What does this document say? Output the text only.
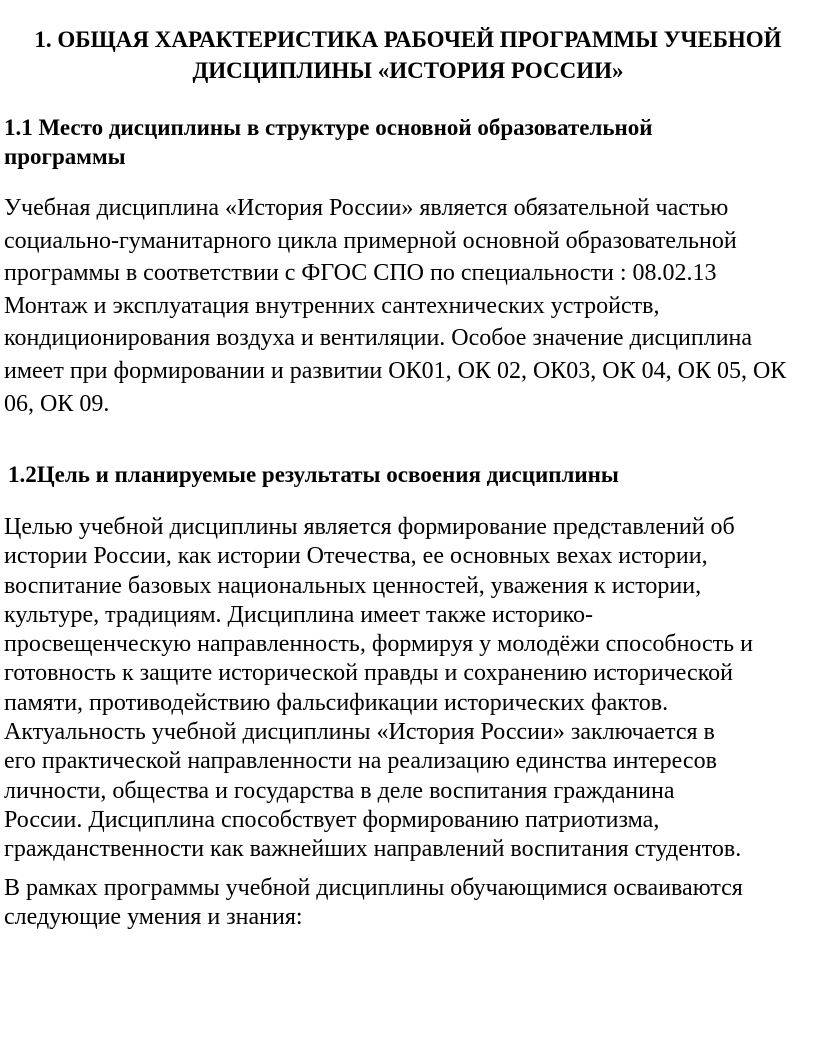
1. ОБЩАЯ ХАРАКТЕРИСТИКА РАБОЧЕЙ ПРОГРАММЫ УЧЕБНОЙ
ДИСЦИПЛИНЫ «ИСТОРИЯ РОССИИ»
1.1 Место дисциплины в структуре основной образовательной
программы

Учебная дисциплина «История России» является обязательной частью
социально-гуманитарного цикла примерной основной образовательной
программы в соответствии с ФГОС СПО по специальности : 08.02.13
Монтаж и эксплуатация внутренних сантехнических устройств,
кондиционирования воздуха и вентиляции. Особое значение дисциплина
имеет при формировании и развитии ОК01, ОК 02, ОК03, ОК 04, ОК 05, ОК
06, ОК 09.

1.2Цель и планируемые результаты освоения дисциплины

Целью учебной дисциплины является формирование представлений об
истории России, как истории Отечества, ее основных вехах истории,
воспитание базовых национальных ценностей, уважения к истории,
культуре, традициям. Дисциплина имеет также историко-
просвещенческую направленность, формируя у молодёжи способность и
готовность к защите исторической правды и сохранению исторической
памяти, противодействию фальсификации исторических фактов.

Актуальность учебной дисциплины «История России» заключается в
его практической направленности на реализацию единства интересов
личности, общества и государства в деле воспитания гражданина
России. Дисциплина способствует формированию патриотизма,
гражданственности как важнейших направлений воспитания студентов.

В рамках программы учебной дисциплины обучающимися осваиваются
следующие умения и знания:
